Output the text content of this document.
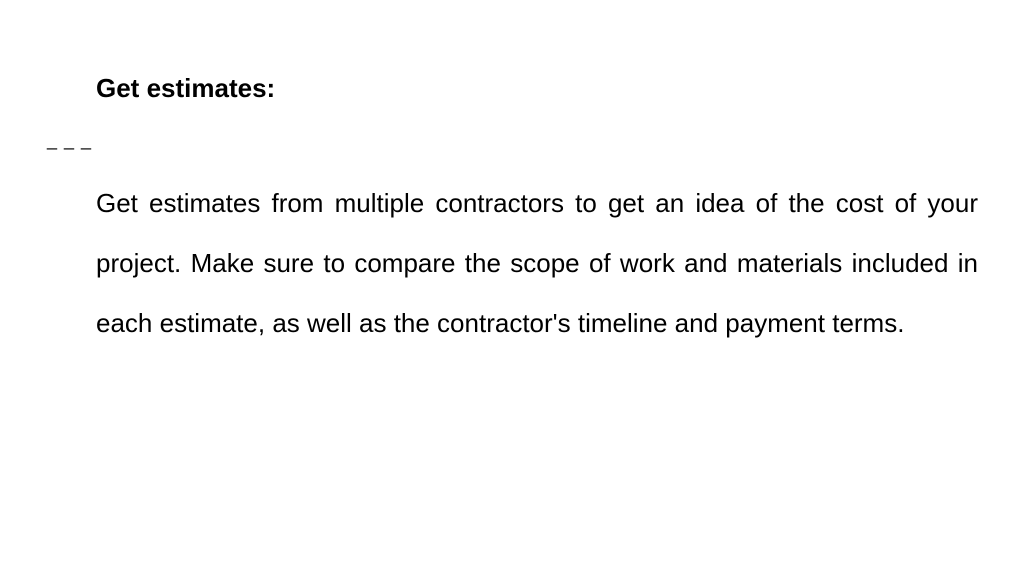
Get estimates:
_ _ _

Get estimates from multiple contractors to get an idea of the cost of your project. Make sure to compare the scope of work and materials included in each estimate, as well as the contractor's timeline and payment terms.
